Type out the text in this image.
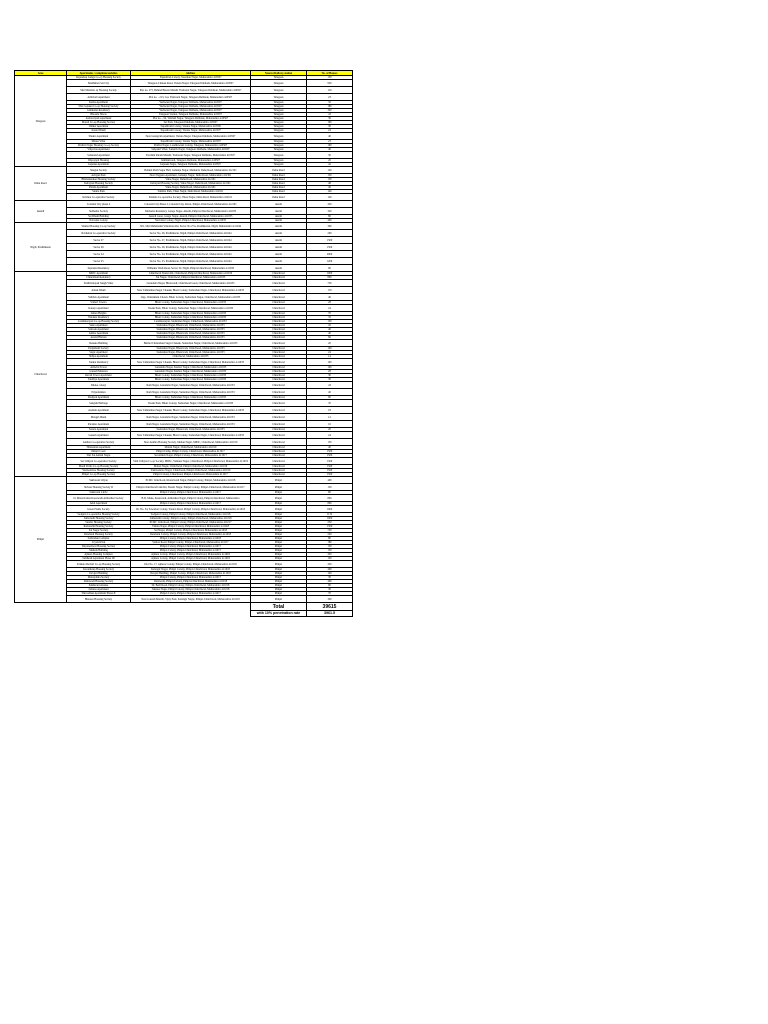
Area	Apartments / complexes/societies	Address	Nearest Railway station	No. of Houses
Talegaon	Rajendran Ganga Co-op Housing Society	Yujendiran Colony, Varoman Nagar, Maharashtra 410507	Talegaon	130
	Madhuban Sai City	Talegaon Chakan Road, Varuna Nagar, Talegaon Dabhade, Maharashtra 410507	Talegaon	950
	Shri Manohar ap Housing Society	Plot no. 273, Behind Bharat Mandir Yashwant Nagar, Talegaon Dabhade, Maharashtra 410507	Talegaon	110
	Ambivali Apartment	Plot no. - 213, Ceo Yashwant Nagar, Talegaon Dabhade, Maharashtra 410507	Talegaon	23
	Kailas Apartment	Yashwant Nagar, Talegaon Dabhade, Maharashtra 410507	Talegaon	32
	Shri Gajanan Co-op Housing Society	Yashwant Nagar, Talegaon Dabhade, Maharashtra 410507	Talegaon	180
	Gulmohar Residency	Yashwant Nagar, Talegaon Dabhade, Maharashtra 410507	Talegaon	340
	Bhosale Niwas	Talegaon Station, Talegaon Dabhade, Maharashtra 410507	Talegaon	43
	Aishwaryam Apartment	Plot no. - 64, Vaishali Nagar, Talegaon Dabhade, Maharashtra 410507	Talegaon	36
	Maruti Co-op Housing Society	Sai Park, Talegaon Dabhade, Maharashtra 410507	Talegaon	190
	Omkar Apartment	Tapadhvam Colony, Varuna Nagar, Maharashtra 410506	Talegaon	30
	Anand Dham	Tapodhvam Colony, Varuna Nagar, Maharashtra 410507	Talegaon	24
	Shukra Apartment	Near Gurugram Apartment, Varuna Nagar, Talegaon Dabhade, Maharashtra 410507	Talegaon	40
	Manas Vihar	Tapodhvam Colony, Varuna Nagar, Maharashtra 410507	Talegaon	23
	Pruthvi Nagar Housing Co-op Society	Pruthvi Nagar, Londhewasti Colony, Talegaon, Maharashtra 410507	Talegaon	100
	Vidyavan Apartment	Sahyadri Vihar, Samarth Nagar, Talegaon Dabhade, Maharashtra 410507	Talegaon	40
	Sahanand Apartment	Paschim Param Mandir, Yashwant Nagar, Talegaon Dabhade, Maharashtra 410507	Talegaon	30
	Dhyeyapti Housing	Jambhulwadi, Talegaon Dabhade, Maharashtra 410507	Talegaon	26
	Gajanan Apartment	Gajanan Nagar, Talegaon Dabhade, Maharashtra 410507	Talegaon	42
Dehu Road	Shagun Society	Behind Prem Sagar Hall, Gahunje Nagar, Mamurdi, Dehu Road, Maharashtra 412101	Dehu Road	120
	Avirgan Park	Near Nagpure Apartment, Gahunje Nagar, Dehu Road, Maharashtra 412101	Dehu Road	130
	Bhimashankar Housing Society	Vikas Nagar, Dehu Road, Maharashtra 412101	Dehu Road	130
	Indrayani Housing Society	Indrayani Housing Society, Vikas Nagar, Dehu Road, Maharashtra 412101	Dehu Road	48
	Palash Apartment	Vikas Nagar, Dehu Road, Maharashtra 412101	Dehu Road	40
	Sunita Park	Sumitra Park, Vikas Nagar, Dehu Road, Maharashtra 412101	Dehu Road	140
	Krishna Co-operative Society	Krishna Co-operative Society, Vikas Nagar, Dehu Road, Maharashtra 412101	Dehu Road	120
Akurdi	Colonial City phase 2	Colonial City Phase 2, Colonial City, Ravet, Pimpri-Chinchwad, Maharashtra 412101	akurdi	450
	Subhadra Society	Subhadra Residency, Ganga Nagar, Akurdi, Pimpri-Chinchwad, Maharashtra 411035	akurdi	320
	Sai Dham Building	Akurdi Gaon, Ganga Nagar, Akurdi, Pimpri-Chinchwad, Maharashtra 411035	akurdi	80
	Navratna Colony	Navratna Colony, Nigdi, Pimpri-Chinchwad, Maharashtra 411035	akurdi	400
Nigdi, Pradhikaran	Shamal Housing Co-op Society	501, Shri Mahalaxmi Vrindavan Rd, Sector No 27A, Pradhikaran, Nigdi, Maharashtra 411044	akurdi	300
	Ravikiran Co-operative Society	Sector No. 26, Pradhikaran, Nigdi, Pimpri-Chinchwad, Maharashtra 411044	akurdi	200
	Sector 27	Sector No. 27, Pradhikaran, Nigdi, Pimpri-Chinchwad, Maharashtra 411044	akurdi	1500
	Sector 26	Sector No. 26, Pradhikaran, Nigdi, Pimpri-Chinchwad, Maharashtra 411044	akurdi	1500
	Sector 24	Sector No. 24, Pradhikaran, Nigdi, Pimpri-Chinchwad, Maharashtra 411044	akurdi	2000
	Sector 25	Sector No. 25, Pradhikaran, Nigdi, Pimpri-Chinchwad, Maharashtra 411044	akurdi	1200
	Saptashri Residency	Walhekar Wadi Road, Sector 32, Nigdi, Pimpri-Chinchwad, Maharashtra 411033	akurdi	90
Chinchwad	MIDC Apartment	Chinchwad Station Rd, Chinchwad, Pimpri-Chinchwad, Maharashtra 411019	Chinchwad	1000
	Chintamani Residency	Sai Nagar, Chinchwad, Pimpri-Chinchwad, Maharashtra 411033	Chinchwad	800
	Siddhivinayak Sangh Vihar	Gurudatta Nagar, Bhoirwadi, Chinchwad Gaon, Chinchwad, Maharashtra 411033	Chinchwad	750
	Ashok Dham	Near Chintamani Sugar Chaunk, Bhoir Colony, Sudarshan Nagar, Chinchwad, Maharashtra 411033	Chinchwad	170
	Vaibhav Apartment	Opp. Chintamani Chowk, Bhoir Colony, Sudarshan Nagar, Chinchwad, Maharashtra 411033	Chinchwad	40
	Sridevi Towers	Bhoir Colony, Sudarshan Nagar, Chinchwad, Maharashtra 411033	Chinchwad	28
	Kanaya Apartment	Vasant Park, Bhoir Colony, Sudarshan Nagar, Chinchwad, Maharashtra 411033	Chinchwad	24
	Jaman Heights	Bhoir Colony, Sudarshan Nagar, Chinchwad, Maharashtra 411033	Chinchwad	70
	Vandana Residency	Bhoir Colony, Sudarshan Nagar, Chinchwad, Maharashtra 411033	Chinchwad	32
	Laxminarayan Co-op Housing Society	Laxminarayan, Sudarshan Nagar, Chinchwad, Maharashtra 411033	Chinchwad	130
	Sakra Apartment	Sudarshan Nagar, Bhoirwadi, Chinchwad, Maharashtra 411033	Chinchwad	45
	Santosh Apartment	Sudarshan Nagar, Bhoirwadi, Chinchwad, Maharashtra 411033	Chinchwad	40
	Ambar Apartment	Sudarshan Nagar, Bhoirwadi, Chinchwad, Maharashtra 411033	Chinchwad	40
	Anand Bhavan	Sudarshan Nagar, Bhoirwadi, Chinchwad, Maharashtra 411033	Chinchwad	60
	Renuka Building	Behind Chintamani Sugar Chaunk, Sudarshan Nagar, Chinchwad, Maharashtra 411033	Chinchwad	20
	Parijatham Society	Sudarshan Nagar, Bhoirwadi, Chinchwad, Maharashtra 411033	Chinchwad	100
	Sagar Apartment	Sudarshan Nagar, Bhoirwadi, Chinchwad, Maharashtra 411033	Chinchwad	24
	Shilpa Apartment	Chinchwad, Maharashtra 411033	Chinchwad	14
	Sankar Residency	Near Chintamani Sugar Chaunk, Bhoir Colony, Sudarshan Nagar, Chinchwad, Maharashtra 411033	Chinchwad	100
	Ashwini Tower	Gurudatta Nagar, Keshav Nagar, Chinchwad, Maharashtra 411033	Chinchwad	100
	Ganesh Mansion	Gurudatta Nagar, Keshav Nagar, Chinchwad, Maharashtra 411033	Chinchwad	28
	Revati Tower Apartment	Bhoir Colony, Sudarshan Nagar, Chinchwad, Maharashtra 411033	Chinchwad	30
	Sandhya Apartment	Bhoir Colony, Sudarshan Nagar, Chinchwad, Maharashtra 411033	Chinchwad	30
	Dhoke colony	Ram Nagar, Gurudatta Nagar, Sudarshan Nagar, Chinchwad, Maharashtra 411033	Chinchwad	43
	Priyadarshan	Ram Nagar, Gurudatta Nagar, Sudarshan Nagar, Chinchwad, Maharashtra 411033	Chinchwad	40
	Pushpak Apartment	Bhoir Colony, Sudarshan Nagar, Chinchwad, Maharashtra 411033	Chinchwad	60
	Sangam Heritage	Vasant Park, Bhoir Colony, Sudarshan Nagar, Chinchwad, Maharashtra 411033	Chinchwad	70
	Aashish Apartment	Near Chintamani Sugar Chaunk, Bhoir Colony, Sudarshan Nagar, Chinchwad, Maharashtra 411033	Chinchwad	18
	Mangal Dham	Ram Nagar, Gurudatta Nagar, Sudarshan Nagar, Chinchwad, Maharashtra 411033	Chinchwad	12
	Parashar Apartment	Ram Nagar, Gurudatta Nagar, Sudarshan Nagar, Chinchwad, Maharashtra 411033	Chinchwad	16
	Sonata Apartment	Sudarshan Nagar, Bhoirwadi, Chinchwad, Maharashtra 411033	Chinchwad	20
	Ganesh Apartment	Near Chintamani Sugar Chaunk, Bhoir Colony, Sudarshan Nagar, Chinchwad, Maharashtra 411033	Chinchwad	24
	Andhra Co-operative Society	Near Andhra Housing Society, Mohan Nagar, MIDC, Chinchwad, Maharashtra 411019	Chinchwad	150
	Nilakantan Apartment	Mohan Nagar, Chinchwad, Maharashtra 411019	Chinchwad	40
	Pimpri Court	Pimpri Camp, Pimpri Colony, Chinchwad, Maharashtra 411017	Chinchwad	1500
	Shri Sai Ashish Nagar	Sai Ashish Nagar, Pimpri Colony, Chinchwad, Maharashtra 411017	Chinchwad	1500
	Sai Udhyan Co-operative Society	Vinit Udhyan Co-op Society, MIDC, Yamuna Nagar, Chinchwad, Pimpri-Chinchwad, Maharashtra 411019	Chinchwad	1500
	Mauli Tirtha Co-op Housing Society	Mohan Nagar, Chinchwad, Pimpri-Chinchwad, Maharashtra 411019	Chinchwad	1500
	Yashwantrao Housing Society	Yashwantrao Nagar, Chinchwad, Pimpri-Chinchwad, Maharashtra 411019	Chinchwad	1500
	Pimpri Co-op Housing Society	Pimpri Colony, Chinchwad, Pimpri-Chinchwad, Maharashtra 411017	Chinchwad	1500
Pimpri	Sukhwani Udyan	PCMC Link Road, Kharalwadi Nagar, Pimpri Colony, Pimpri, Maharashtra 411018	Pimpri	400
	Shivsai Housing Society II	Pimpri-Chinchwad Link Rd, Shastri Nagar, Pimpri Colony, Pimpri-Chinchwad, Maharashtra 411017	Pimpri	150
	Sukhwani Circle	Pimpri Colony, Pimpri-Chinchwad, Maharashtra 411017	Pimpri	80
	D. Mane Kamat Kasarwadi Ambedkar Society	B.D. Mane, Kasarwadi, Ambedkar Nagar, Pimpri Colony, Pimpri-Chinchwad, Maharashtra	Pimpri	800
	Amit Apartment	Pimpri Colony, Pimpri-Chinchwad, Maharashtra 411017	Pimpri	800
	Green Fields Society	Dr. No. 34, Sawarkar Colony, Station Road, Pimpri Colony, Pimpri-Chinchwad, Maharashtra 411018	Pimpri	1000
	Sadguru Co-operative Housing Society	Sadguru Colony, Pimpri Colony, Pimpri-Chinchwad, Maharashtra 411018	Pimpri	1170
	Jaimaruthi Housing Society	Jaimaruthi Colony, Pimpri Colony, Pimpri-Chinchwad, Maharashtra 411018	Pimpri	1000
	Sundar Housing Society	PCMC Link Road, Pimpri Colony, Pimpri-Chinchwad, Maharashtra 411017	Pimpri	250
	Ramarathi Housing Society	Vishnu Nagar, Pimpri Colony, Pimpri-Chinchwad, Maharashtra 411018	Pimpri	1500
	Sai Nagar Society	Sai Nagar, Pimpri Colony, Pimpri-Chinchwad, Maharashtra 411018	Pimpri	720
	Ranchani Housing Society	Ranchani Colony, Pimpri Colony, Pimpri-Chinchwad, Maharashtra 411018	Pimpri	220
	Sudarshan Complex	Pimpri Colony, Pimpri-Chinchwad, Maharashtra 411018	Pimpri	80
	Crystal Park	Station Road, Pimpri Colony, Pimpri-Chinchwad, Maharashtra 411017	Pimpri	180
	Dnyaneshwar Housing Society	Pimpri Colony, Pimpri-Chinchwad, Maharashtra 411017	Pimpri	150
	Mahesh Building	Pimpri Colony, Pimpri-Chinchwad, Maharashtra 411017	Pimpri	130
	Ajmera Housing Complex	Ajmera Colony, Pimpri Colony, Pimpri-Chinchwad, Maharashtra 411018	Pimpri	450
	Siddhesh Apartment Phase III	Ajmera Colony, Pimpri Colony, Pimpri-Chinchwad, Maharashtra 411018	Pimpri	120
	Krishna Dechtri Co-op Housing Society	Plot No. 17, Ajmera Colony, Pimpri Colony, Pimpri-Chinchwad, Maharashtra 411018	Pimpri	450
	Karunikrup Housing Society	Kalangir Nagar, Pimpri Colony, Pimpri-Chinchwad, Maharashtra 411018	Pimpri	400
	Devgiri Building	Devgiri Building, Pimpri Colony, Pimpri-Chinchwad, Maharashtra 411018	Pimpri	120
	Mahapalika Society	Pimpri Colony, Pimpri-Chinchwad, Maharashtra 411017	Pimpri	30
	Dadawadi Housing Society	Dadawadi, Pimpri Colony, Pimpri-Chinchwad, Maharashtra 411018	Pimpri	400
	Sukhwani Avenue	Dr. Bedi Road, Pimpri Colony, Pimpri-Chinchwad, Maharashtra 411018	Pimpri	60
	Jamuna Apartment	Jamuna Nagar, Pimpri Colony, Pimpri-Chinchwad, Maharashtra 411018	Pimpri	30
	Shivsadhan Apartment Phase II	Pimpri Colony, Pimpri-Chinchwad, Maharashtra 411017	Pimpri	70
	Bhausar Housing Society	Near Ganesh Mandir, Vijay Park, Kalangir Nagar, Pimpri-Chinchwad, Maharashtra 411018	Pimpri	300
			Total	39615
			with 10% penetration rate	3961.5
